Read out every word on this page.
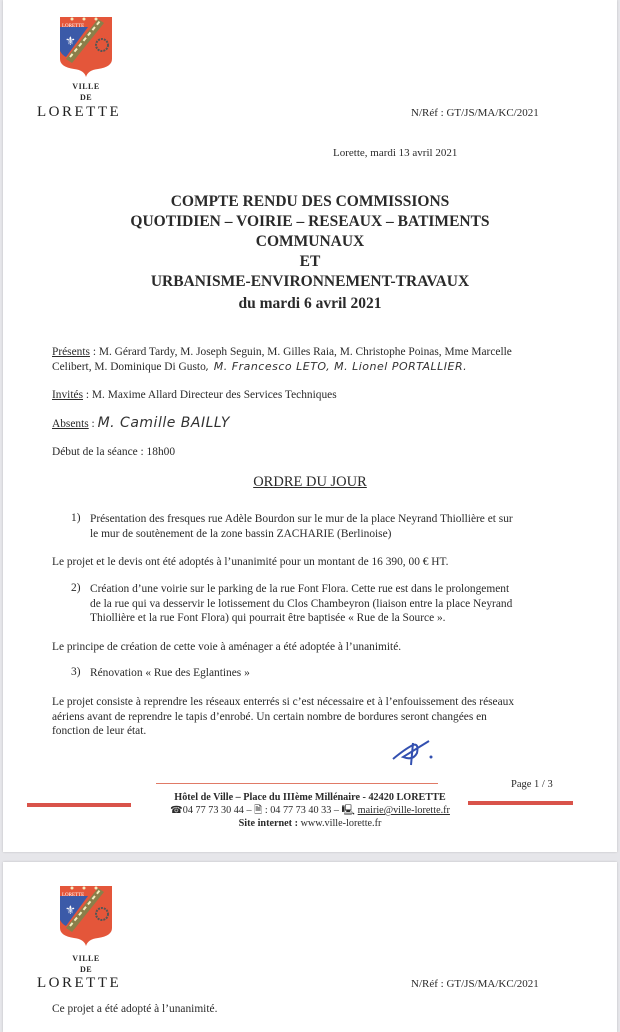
LORETTE
⚜
VILLE
DE
LORETTE	N/Réf : GT/JS/MA/KC/2021
Lorette, mardi 13 avril 2021
COMPTE RENDU DES COMMISSIONS
QUOTIDIEN – VOIRIE – RESEAUX – BATIMENTS
COMMUNAUX
ET
URBANISME-ENVIRONNEMENT-TRAVAUX
du mardi 6 avril 2021
Présents : M. Gérard Tardy, M. Joseph Seguin, M. Gilles Raia, M. Christophe Poinas, Mme Marcelle
Celibert, M. Dominique Di Gusto, M. Francesco LETO, M. Lionel PORTALLIER.
Invités : M. Maxime Allard Directeur des Services Techniques
Absents : M. Camille BAILLY
Début de la séance : 18h00
ORDRE DU JOUR
1) Présentation des fresques rue Adèle Bourdon sur le mur de la place Neyrand Thiollière et sur
le mur de soutènement de la zone bassin ZACHARIE (Berlinoise)
Le projet et le devis ont été adoptés à l’unanimité pour un montant de 16 390, 00 € HT.
2) Création d’une voirie sur le parking de la rue Font Flora. Cette rue est dans le prolongement
de la rue qui va desservir le lotissement du Clos Chambeyron (liaison entre la place Neyrand
Thiollière et la rue Font Flora) qui pourrait être baptisée « Rue de la Source ».
Le principe de création de cette voie à aménager a été adoptée à l’unanimité.
3) Rénovation « Rue des Eglantines »
Le projet consiste à reprendre les réseaux enterrés si c’est nécessaire et à l’enfouissement des réseaux
aériens avant de reprendre le tapis d’enrobé. Un certain nombre de bordures seront changées en
fonction de leur état.
Page 1 / 3
Hôtel de Ville – Place du IIIème Millénaire - 42420 LORETTE
☎04 77 73 30 44 – 🗎 : 04 77 73 40 33 – 🖳 mairie@ville-lorette.fr
Site internet : www.ville-lorette.fr
LORETTE
⚜
VILLE
DE
LORETTE	N/Réf : GT/JS/MA/KC/2021
Ce projet a été adopté à l’unanimité.
